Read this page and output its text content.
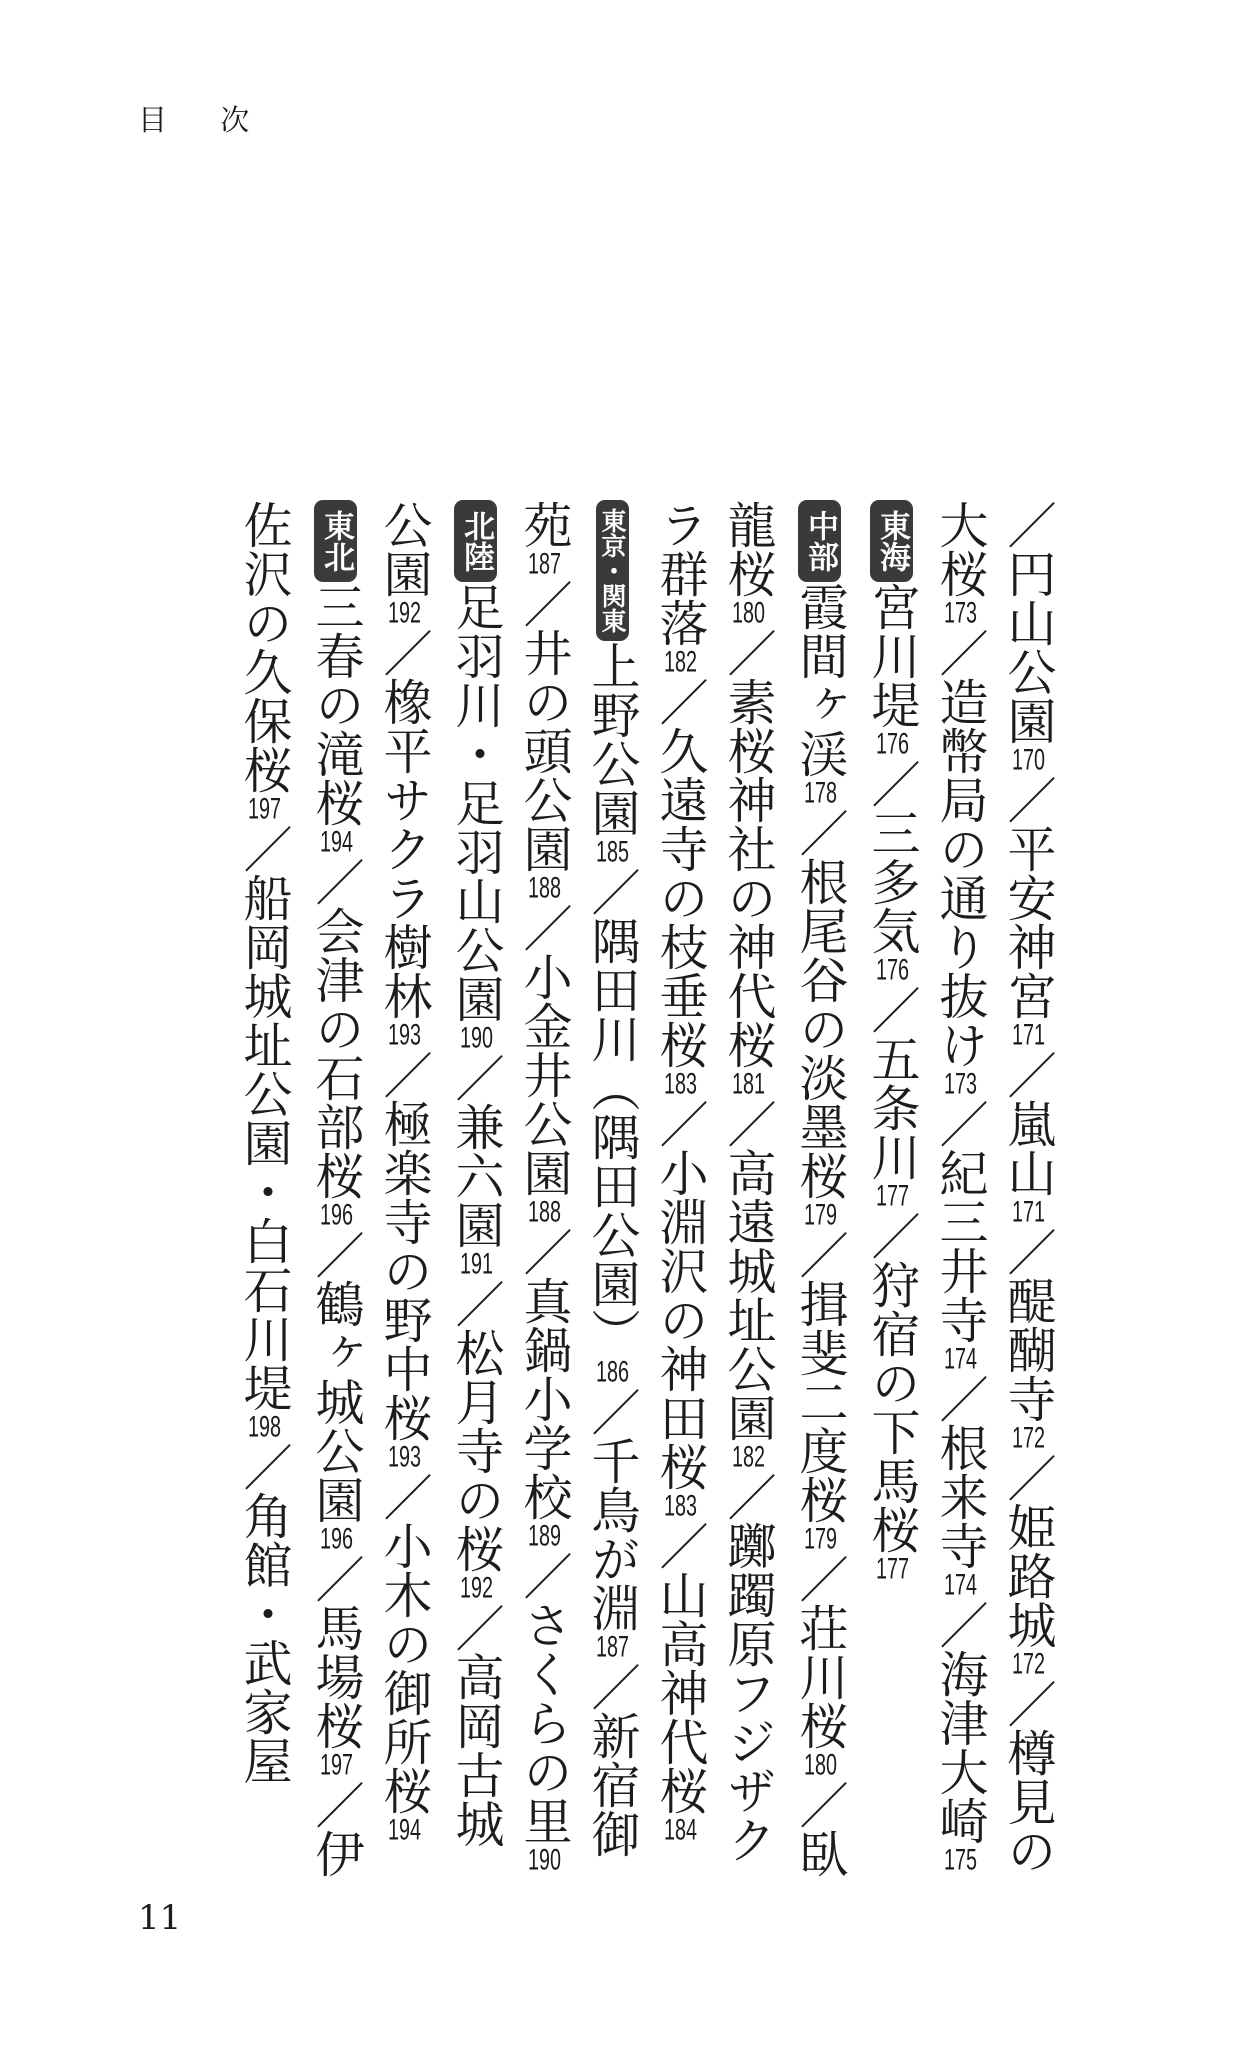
目 次
／円山公園170／平安神宮171／嵐山171／醍醐寺172／姫路城172／樽見の大桜173／造幣局の通り抜け173／紀三井寺174／根来寺174／海津大崎175
東海宮川堤176／三多気176／五条川177／狩宿の下馬桜177
中部霞間ヶ渓178／根尾谷の淡墨桜179／揖斐二度桜179／荘川桜180／臥龍桜180／素桜神社の神代桜181／高遠城址公園182／躑躅原フジザクラ群落182／久遠寺の枝垂桜183／小淵沢の神田桜183／山高神代桜184
東京・関東上野公園185／隅田川（隅田公園）186／千鳥が淵187／新宿御苑187／井の頭公園188／小金井公園188／真鍋小学校189／さくらの里190
北陸足羽川・足羽山公園190／兼六園191／松月寺の桜192／高岡古城公園192／橡平サクラ樹林193／極楽寺の野中桜193／小木の御所桜194
東北三春の滝桜194／会津の石部桜196／鶴ヶ城公園196／馬場桜197／伊佐沢の久保桜197／船岡城址公園・白石川堤198／角館・武家屋
11
